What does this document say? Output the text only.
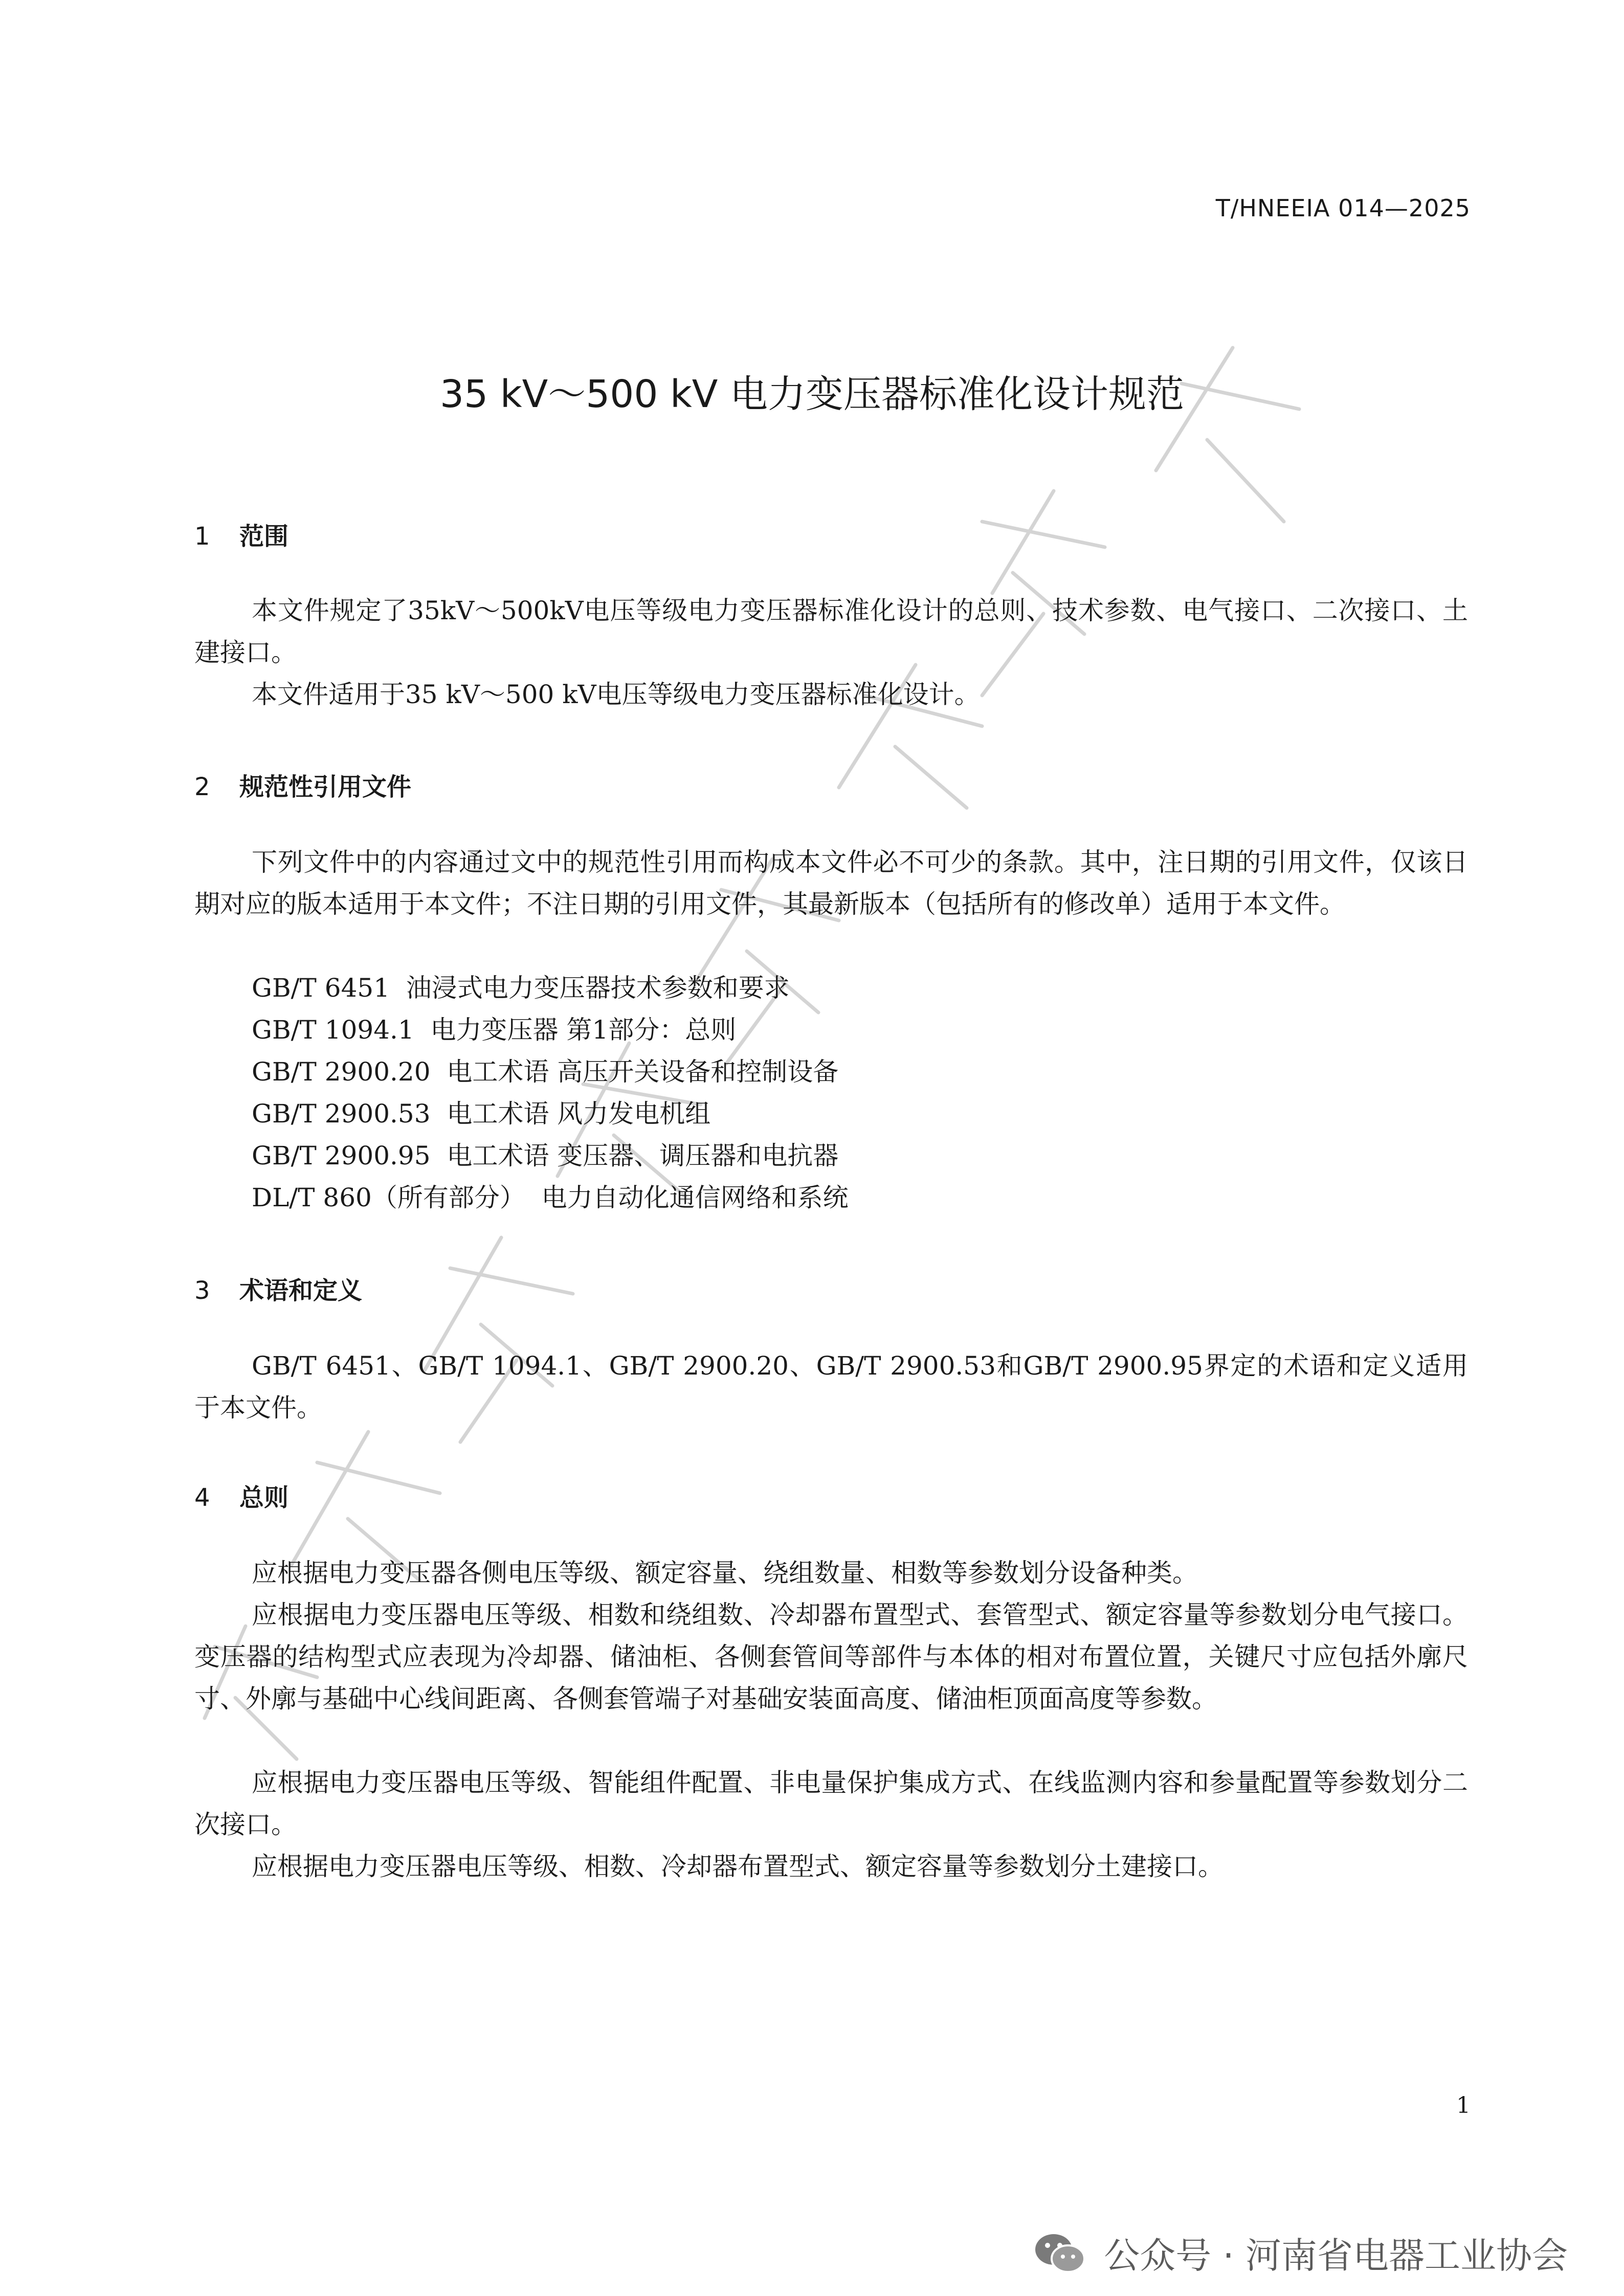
T/HNEEIA 014—2025
35 kV～500 kV 电力变压器标准化设计规范
1 范围

本文件规定了35kV～500kV电压等级电力变压器标准化设计的总则、技术参数、电气接口、二次接口、土建接口。

本文件适用于35 kV～500 kV电压等级电力变压器标准化设计。

2 规范性引用文件

下列文件中的内容通过文中的规范性引用而构成本文件必不可少的条款。其中，注日期的引用文件，仅该日期对应的版本适用于本文件；不注日期的引用文件，其最新版本（包括所有的修改单）适用于本文件。

GB/T 6451  油浸式电力变压器技术参数和要求

GB/T 1094.1  电力变压器 第1部分：总则

GB/T 2900.20  电工术语 高压开关设备和控制设备

GB/T 2900.53  电工术语 风力发电机组

GB/T 2900.95  电工术语 变压器、调压器和电抗器

DL/T 860（所有部分）  电力自动化通信网络和系统

3 术语和定义

GB/T 6451、GB/T 1094.1、GB/T 2900.20、GB/T 2900.53和GB/T 2900.95界定的术语和定义适用于本文件。

4 总则

应根据电力变压器各侧电压等级、额定容量、绕组数量、相数等参数划分设备种类。

应根据电力变压器电压等级、相数和绕组数、冷却器布置型式、套管型式、额定容量等参数划分电气接口。变压器的结构型式应表现为冷却器、储油柜、各侧套管间等部件与本体的相对布置位置，关键尺寸应包括外廓尺寸、外廓与基础中心线间距离、各侧套管端子对基础安装面高度、储油柜顶面高度等参数。

应根据电力变压器电压等级、智能组件配置、非电量保护集成方式、在线监测内容和参量配置等参数划分二次接口。

应根据电力变压器电压等级、相数、冷却器布置型式、额定容量等参数划分土建接口。

1
公众号 · 河南省电器工业协会
